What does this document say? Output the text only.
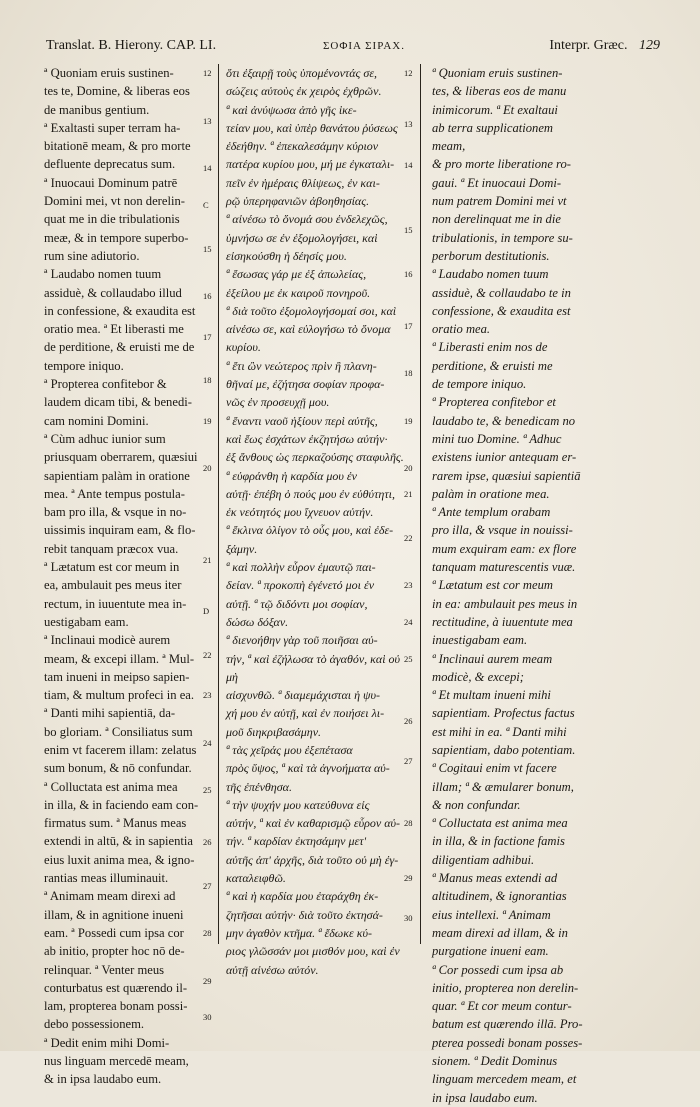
Translat. B. Hierony. CAP. LI.	ΣΟΦΙΑ ΣΙΡΑΧ.	Interpr. Græc. 129

ª Quoniam eruis sustinen-

tes te, Domine, & liberas eos

de manibus gentium.

ª Exaltasti super terram ha-

bitationē meam, & pro morte

defluente deprecatus sum.

ª Inuocaui Dominum patrē

Domini mei, vt non derelin-

quat me in die tribulationis

meæ, & in tempore superbo-

rum sine adiutorio.

ª Laudabo nomen tuum

assiduè, & collaudabo illud

in confessione, & exaudita est

oratio mea. ª Et liberasti me

de perditione, & eruisti me de

tempore iniquo.

ª Propterea confitebor &

laudem dicam tibi, & benedi-

cam nomini Domini.

ª Cùm adhuc iunior sum

priusquam oberrarem, quæsiui

sapientiam palàm in oratione

mea. ª Ante tempus postula-

bam pro illa, & vsque in no-

uissimis inquiram eam, & flo-

rebit tanquam præcox vua.

ª Lætatum est cor meum in

ea, ambulauit pes meus iter

rectum, in iuuentute mea in-

uestigabam eam.

ª Inclinaui modicè aurem

meam, & excepi illam. ª Mul-

tam inueni in meipso sapien-

tiam, & multum profeci in ea.

ª Danti mihi sapientiā, da-

bo gloriam. ª Consiliatus sum

enim vt facerem illam: zelatus

sum bonum, & nō confundar.

ª Colluctata est anima mea

in illa, & in faciendo eam con-

firmatus sum. ª Manus meas

extendi in altū, & in sapientia

eius luxit anima mea, & igno-

rantias meas illuminauit.

ª Animam meam direxi ad

illam, & in agnitione inueni

eam. ª Possedi cum ipsa cor

ab initio, propter hoc nō de-

relinquar. ª Venter meus

conturbatus est quærendo il-

lam, propterea bonam possi-

debo possessionem.

ª Dedit enim mihi Domi-

nus linguam mercedē meam,

& in ipsa laudabo eum.

ὅτι ἐξαιρῇ τοὺς ὑπομένοντάς σε,

σώζεις αὐτοὺς ἐκ χειρὸς ἐχθρῶν.

ª καὶ ἀνύψωσα ἀπὸ γῆς ἱκε-

τείαν μου, καὶ ὑπὲρ θανάτου ῥύσεως

ἐδεήθην. ª ἐπεκαλεσάμην κύριον

πατέρα κυρίου μου, μή με ἐγκαταλι-

πεῖν ἐν ἡμέραις θλίψεως, ἐν και-

ρῷ ὑπερηφανιῶν ἀβοηθησίας.

ª αἰνέσω τὸ ὄνομά σου ἐνδελεχῶς,

ὑμνήσω σε ἐν ἐξομολογήσει, καὶ

εἰσηκούσθη ἡ δέησίς μου.

ª ἔσωσας γάρ με ἐξ ἀπωλείας,

ἐξείλου με ἐκ καιροῦ πονηροῦ.

ª διὰ τοῦτο ἐξομολογήσομαί σοι, καὶ

αἰνέσω σε, καὶ εὐλογήσω τὸ ὄνομα

κυρίου.

ª ἔτι ὢν νεώτερος πρὶν ἢ πλανη-

θῆναί με, ἐζήτησα σοφίαν προφα-

νῶς ἐν προσευχῇ μου.

ª ἔναντι ναοῦ ἠξίουν περὶ αὐτῆς,

καὶ ἕως ἐσχάτων ἐκζητήσω αὐτήν·

ἐξ ἄνθους ὡς περκαζούσης σταφυλῆς.

ª εὐφράνθη ἡ καρδία μου ἐν

αὐτῇ· ἐπέβη ὁ πούς μου ἐν εὐθύτητι,

ἐκ νεότητός μου ἴχνευον αὐτήν.

ª ἔκλινα ὀλίγον τὸ οὖς μου, καὶ ἐδε-

ξάμην.

ª καὶ πολλὴν εὗρον ἐμαυτῷ παι-

δείαν. ª προκοπὴ ἐγένετό μοι ἐν

αὐτῇ. ª τῷ διδόντι μοι σοφίαν,

δώσω δόξαν.

ª διενοήθην γὰρ τοῦ ποιῆσαι αὐ-

τήν, ª καὶ ἐζήλωσα τὸ ἀγαθόν, καὶ οὐ μὴ

αἰσχυνθῶ. ª διαμεμάχισται ἡ ψυ-

χή μου ἐν αὐτῇ, καὶ ἐν ποιήσει λι-

μοῦ διηκριβασάμην.

ª τὰς χεῖράς μου ἐξεπέτασα

πρὸς ὕψος, ª καὶ τὰ ἀγνοήματα αὐ-

τῆς ἐπένθησα.

ª τὴν ψυχήν μου κατεύθυνα εἰς

αὐτήν, ª καὶ ἐν καθαρισμῷ εὗρον αὐ-

τήν. ª καρδίαν ἐκτησάμην μετ'

αὐτῆς ἀπ' ἀρχῆς, διὰ τοῦτο οὐ μὴ ἐγ-

καταλειφθῶ.

ª καὶ ἡ καρδία μου ἐταράχθη ἐκ-

ζητῆσαι αὐτήν· διὰ τοῦτο ἐκτησά-

μην ἀγαθὸν κτῆμα. ª ἔδωκε κύ-

ριος γλῶσσάν μοι μισθόν μου, καὶ ἐν

αὐτῇ αἰνέσω αὐτόν.

ª Quoniam eruis sustinen-

tes, & liberas eos de manu

inimicorum. ª Et exaltaui

ab terra supplicationem meam,

& pro morte liberatione ro-

gaui. ª Et inuocaui Domi-

num patrem Domini mei vt

non derelinquat me in die

tribulationis, in tempore su-

perborum destitutionis.

ª Laudabo nomen tuum

assiduè, & collaudabo te in

confessione, & exaudita est

oratio mea.

ª Liberasti enim nos de

perditione, & eruisti me

de tempore iniquo.

ª Propterea confitebor et

laudabo te, & benedicam no

mini tuo Domine. ª Adhuc

existens iunior antequam er-

rarem ipse, quæsiui sapientiā

palàm in oratione mea.

ª Ante templum orabam

pro illa, & vsque in nouissi-

mum exquiram eam: ex flore

tanquam maturescentis vuæ.

ª Lætatum est cor meum

in ea: ambulauit pes meus in

rectitudine, à iuuentute mea

inuestigabam eam.

ª Inclinaui aurem meam

modicè, & excepi;

ª Et multam inueni mihi

sapientiam. Profectus factus

est mihi in ea. ª Danti mihi

sapientiam, dabo potentiam.

ª Cogitaui enim vt facere

illam; ª & æmularer bonum,

& non confundar.

ª Colluctata est anima mea

in illa, & in factione famis

diligentiam adhibui.

ª Manus meas extendi ad

altitudinem, & ignorantias

eius intellexi. ª Animam

meam direxi ad illam, & in

purgatione inueni eam.

ª Cor possedi cum ipsa ab

initio, propterea non derelin-

quar. ª Et cor meum contur-

batum est quærendo illā. Pro-

pterea possedi bonam posses-

sionem. ª Dedit Dominus

linguam mercedem meam, et

in ipsa laudabo eum.

12
13
14
C
15
16
17
18
19
20
21
D
22
23
24
25
26
27
28
29
30
12
13
14
15
16
17
18
19
20
21
22
23
24
25
26
27
28
29
30
